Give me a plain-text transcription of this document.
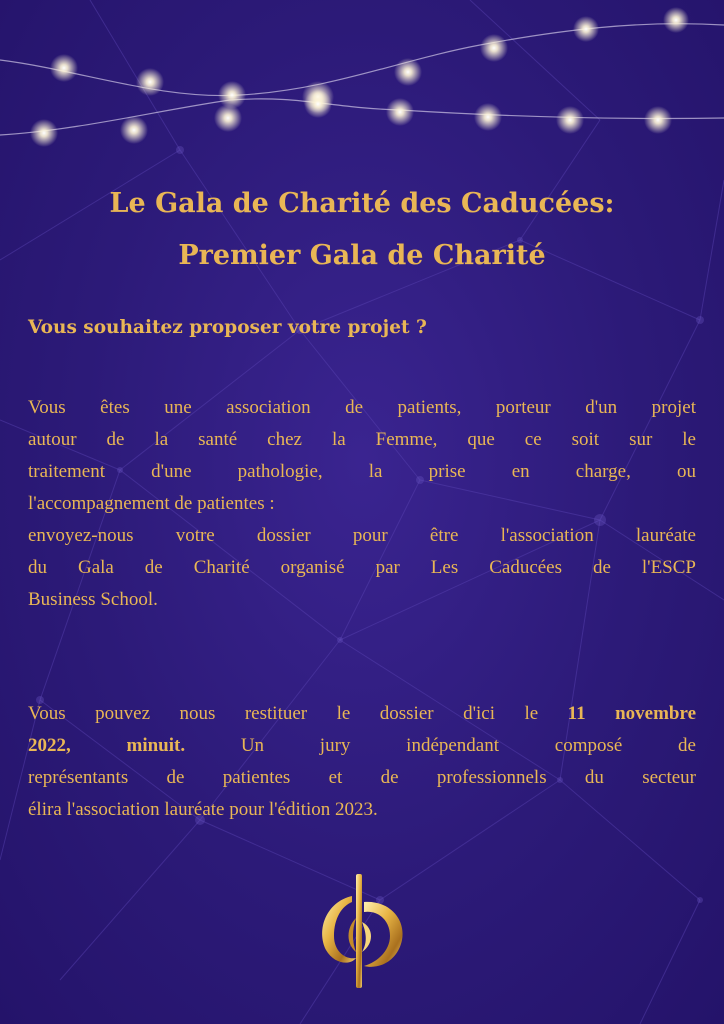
Le Gala de Charité des Caducées:
Premier Gala de Charité

Vous souhaitez proposer votre projet ?

Vous êtes une association de patients, porteur d'un projet
autour de la santé chez la Femme, que ce soit sur le
traitement d'une pathologie, la prise en charge, ou
l'accompagnement de patientes :
envoyez-nous votre dossier pour être l'association lauréate
du Gala de Charité organisé par Les Caducées de l'ESCP
Business School.
Vous pouvez nous restituer le dossier d'ici le 11 novembre
2022, minuit. Un jury indépendant composé de
représentants de patientes et de professionnels du secteur
élira l'association lauréate pour l'édition 2023.
